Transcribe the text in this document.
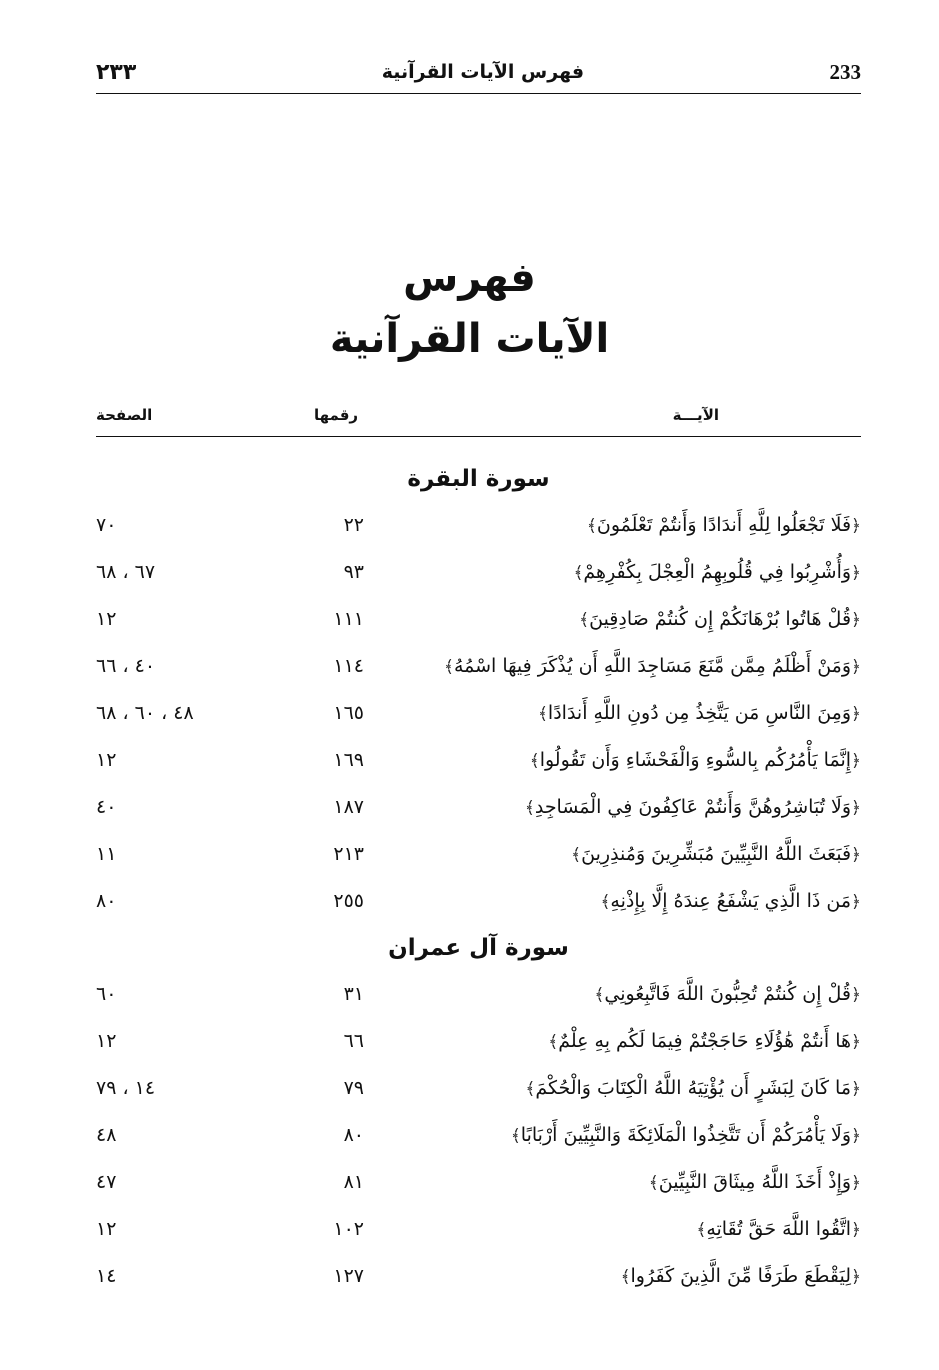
٢٣٣	فهرس الآيات القرآنية	233
فهرس
الآيات القرآنية
الآيـــة
رقمها
الصفحة
سورة البقرة
﴿فَلَا تَجْعَلُوا لِلَّهِ أَندَادًا وَأَنتُمْ تَعْلَمُونَ﴾
٢٢
٧٠
﴿وَأُشْرِبُوا فِي قُلُوبِهِمُ الْعِجْلَ بِكُفْرِهِمْ﴾
٩٣
٦٧ ، ٦٨
﴿قُلْ هَاتُوا بُرْهَانَكُمْ إِن كُنتُمْ صَادِقِينَ﴾
١١١
١٢
﴿وَمَنْ أَظْلَمُ مِمَّن مَّنَعَ مَسَاجِدَ اللَّهِ أَن يُذْكَرَ فِيهَا اسْمُهُ﴾
١١٤
٤٠ ، ٦٦
﴿وَمِنَ النَّاسِ مَن يَتَّخِذُ مِن دُونِ اللَّهِ أَندَادًا﴾
١٦٥
٤٨ ، ٦٠ ، ٦٨
﴿إِنَّمَا يَأْمُرُكُم بِالسُّوءِ وَالْفَحْشَاءِ وَأَن تَقُولُوا﴾
١٦٩
١٢
﴿وَلَا تُبَاشِرُوهُنَّ وَأَنتُمْ عَاكِفُونَ فِي الْمَسَاجِدِ﴾
١٨٧
٤٠
﴿فَبَعَثَ اللَّهُ النَّبِيِّينَ مُبَشِّرِينَ وَمُنذِرِينَ﴾
٢١٣
١١
﴿مَن ذَا الَّذِي يَشْفَعُ عِندَهُ إِلَّا بِإِذْنِهِ﴾
٢٥٥
٨٠
سورة آل عمران
﴿قُلْ إِن كُنتُمْ تُحِبُّونَ اللَّهَ فَاتَّبِعُونِي﴾
٣١
٦٠
﴿هَا أَنتُمْ هَٰؤُلَاءِ حَاجَجْتُمْ فِيمَا لَكُم بِهِ عِلْمٌ﴾
٦٦
١٢
﴿مَا كَانَ لِبَشَرٍ أَن يُؤْتِيَهُ اللَّهُ الْكِتَابَ وَالْحُكْمَ﴾
٧٩
١٤ ، ٧٩
﴿وَلَا يَأْمُرَكُمْ أَن تَتَّخِذُوا الْمَلَائِكَةَ وَالنَّبِيِّينَ أَرْبَابًا﴾
٨٠
٤٨
﴿وَإِذْ أَخَذَ اللَّهُ مِيثَاقَ النَّبِيِّينَ﴾
٨١
٤٧
﴿اتَّقُوا اللَّهَ حَقَّ تُقَاتِهِ﴾
١٠٢
١٢
﴿لِيَقْطَعَ طَرَفًا مِّنَ الَّذِينَ كَفَرُوا﴾
١٢٧
١٤
